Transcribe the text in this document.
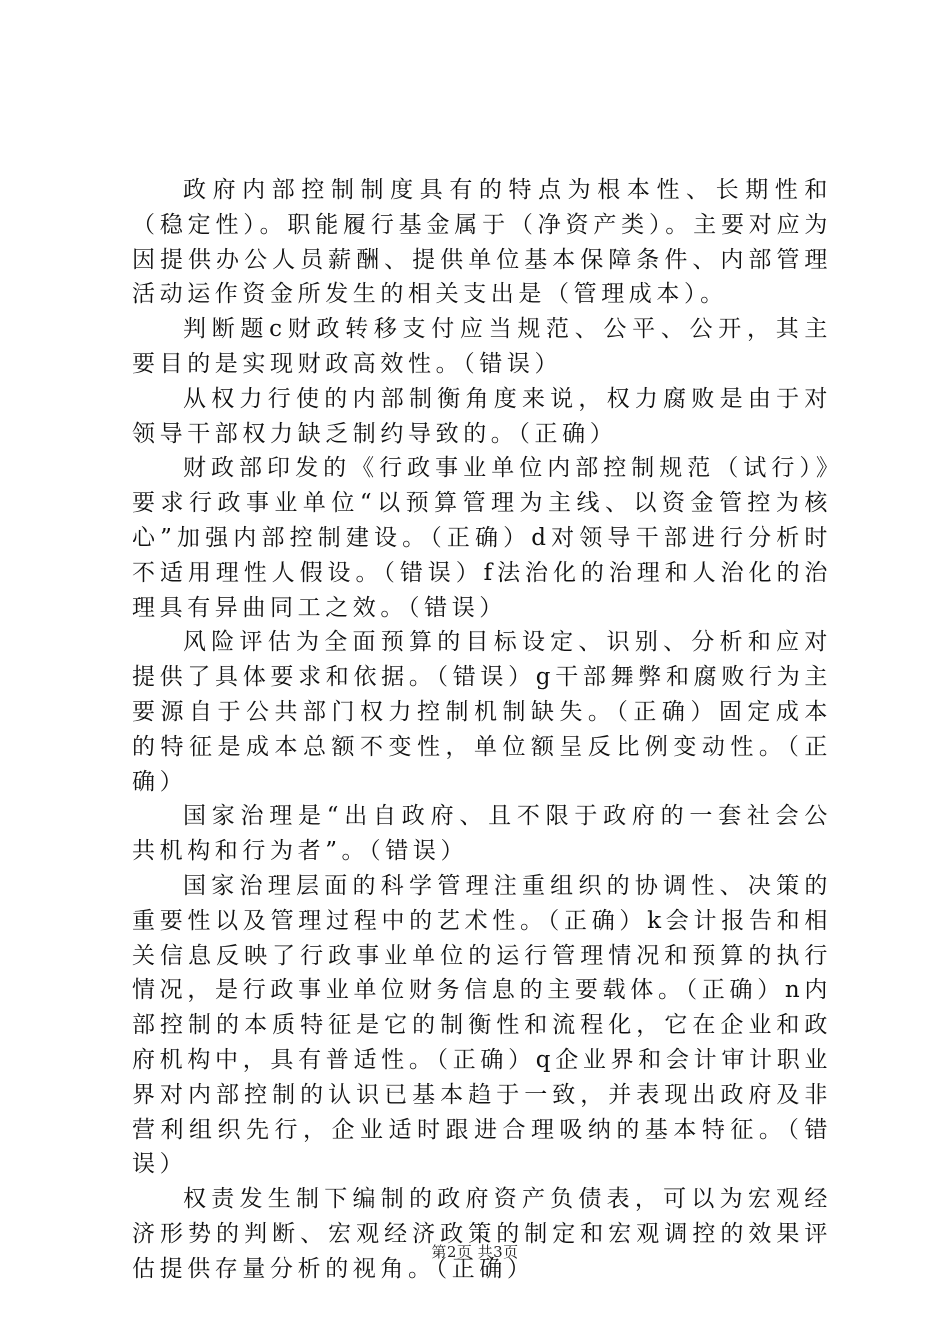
政府内部控制制度具有的特点为根本性、长期性和（稳定性）。职能履行基金属于（净资产类）。主要对应为因提供办公人员薪酬、提供单位基本保障条件、内部管理活动运作资金所发生的相关支出是（管理成本）。

判断题c财政转移支付应当规范、公平、公开，其主要目的是实现财政高效性。（错误）

从权力行使的内部制衡角度来说，权力腐败是由于对领导干部权力缺乏制约导致的。（正确）

财政部印发的《行政事业单位内部控制规范（试行）》要求行政事业单位“以预算管理为主线、以资金管控为核心”加强内部控制建设。（正确）d对领导干部进行分析时不适用理性人假设。（错误）f法治化的治理和人治化的治理具有异曲同工之效。（错误）

风险评估为全面预算的目标设定、识别、分析和应对提供了具体要求和依据。（错误）g干部舞弊和腐败行为主要源自于公共部门权力控制机制缺失。（正确）固定成本的特征是成本总额不变性，单位额呈反比例变动性。（正确）

国家治理是“出自政府、且不限于政府的一套社会公共机构和行为者”。（错误）

国家治理层面的科学管理注重组织的协调性、决策的重要性以及管理过程中的艺术性。（正确）k会计报告和相关信息反映了行政事业单位的运行管理情况和预算的执行情况，是行政事业单位财务信息的主要载体。（正确）n内部控制的本质特征是它的制衡性和流程化，它在企业和政府机构中，具有普适性。（正确）q企业界和会计审计职业界对内部控制的认识已基本趋于一致，并表现出政府及非营利组织先行，企业适时跟进合理吸纳的基本特征。（错误）

权责发生制下编制的政府资产负债表，可以为宏观经济形势的判断、宏观经济政策的制定和宏观调控的效果评估提供存量分析的视角。（正确）

第2页 共3页
